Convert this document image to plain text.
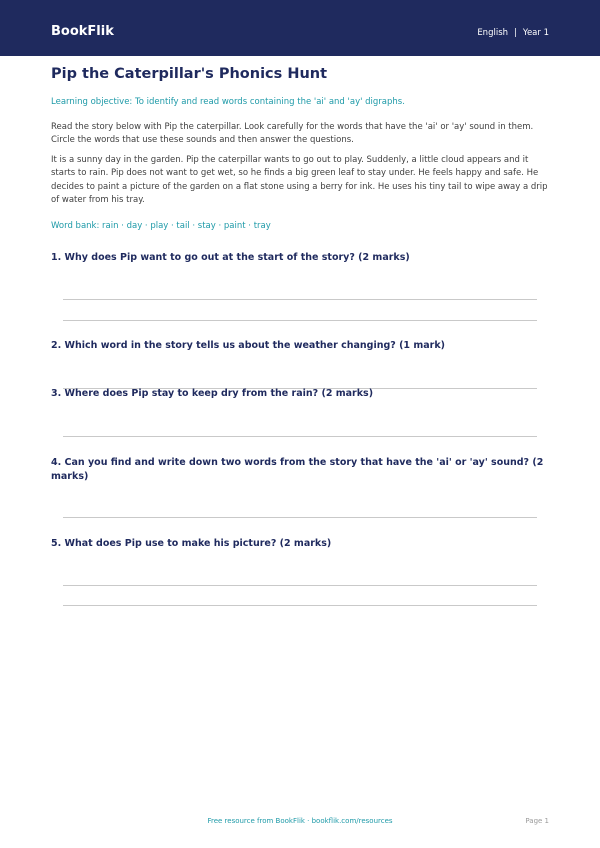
BookFlik	English | Year 1
Pip the Caterpillar's Phonics Hunt

Learning objective: To identify and read words containing the 'ai' and 'ay' digraphs.

Read the story below with Pip the caterpillar. Look carefully for the words that have the 'ai' or 'ay' sound in them. Circle the words that use these sounds and then answer the questions.

It is a sunny day in the garden. Pip the caterpillar wants to go out to play. Suddenly, a little cloud appears and it starts to rain. Pip does not want to get wet, so he finds a big green leaf to stay under. He feels happy and safe. He decides to paint a picture of the garden on a flat stone using a berry for ink. He uses his tiny tail to wipe away a drip of water from his tray.

Word bank: rain · day · play · tail · stay · paint · tray

1. Why does Pip want to go out at the start of the story? (2 marks)

2. Which word in the story tells us about the weather changing? (1 mark)

3. Where does Pip stay to keep dry from the rain? (2 marks)

4. Can you find and write down two words from the story that have the 'ai' or 'ay' sound? (2 marks)

5. What does Pip use to make his picture? (2 marks)

Free resource from BookFlik · bookflik.com/resources	Page 1
